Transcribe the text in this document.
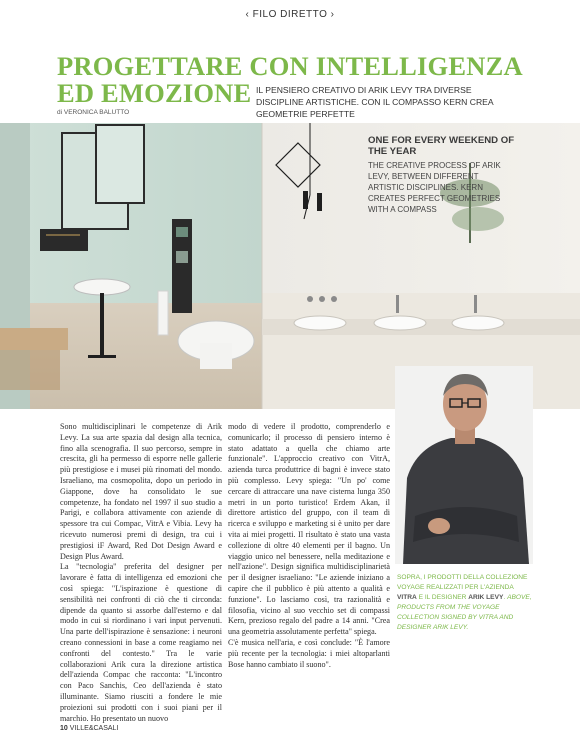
‹ FILO DIRETTO ›
PROGETTARE CON INTELLIGENZA
ED EMOZIONE IL PENSIERO CREATIVO DI ARIK LEVY TRA DIVERSE DISCIPLINE ARTISTICHE. CON IL COMPASSO KERN CREA GEOMETRIE PERFETTE
di VERONICA BALUTTO
ONE FOR EVERY WEEKEND OF THE YEAR
THE CREATIVE PROCESS OF ARIK LEVY, BETWEEN DIFFERENT ARTISTIC DISCIPLINES. KERN CREATES PERFECT GEOMETRIES WITH A COMPASS

Sono multidisciplinari le competenze di Arik Levy. La sua arte spazia dal design alla tecnica, fino alla scenografia. Il suo percorso, sempre in crescita, gli ha permesso di esporre nelle gallerie più prestigiose e i musei più rinomati del mondo. Israeliano, ma cosmopolita, dopo un periodo in Giappone, dove ha consolidato le sue competenze, ha fondato nel 1997 il suo studio a Parigi, e collabora attivamente con aziende di spessore tra cui Compac, VitrA e Vibia. Levy ha ricevuto numerosi premi di design, tra cui i prestigiosi iF Award, Red Dot Design Award e Design Plus Award.

La "tecnologia" preferita del designer per lavorare è fatta di intelligenza ed emozioni che così spiega: "L'ispirazione è questione di sensibilità nei confronti di ciò che ti circonda: dipende da quanto si assorbe dall'esterno e dal modo in cui si riordinano i vari input pervenuti. Una parte dell'ispirazione è sensazione: i neuroni creano connessioni in base a come reagiamo nei confronti del contesto." Tra le varie collaborazioni Arik cura la direzione artistica dell'azienda Compac che racconta: "L'incontro con Paco Sanchis, Ceo dell'azienda è stato illuminante. Siamo riusciti a fondere le mie proiezioni sui prodotti con i suoi piani per il marchio. Ho presentato un nuovo

modo di vedere il prodotto, comprenderlo e comunicarlo; il processo di pensiero interno è stato adattato a quella che chiamo arte funzionale". L'approccio creativo con VitrA, azienda turca produttrice di bagni è invece stato più complesso. Levy spiega: "Un po' come cercare di attraccare una nave cisterna lunga 350 metri in un porto turistico! Erdem Akan, il direttore artistico del gruppo, con il team di ricerca e sviluppo e marketing si è unito per dare vita ai miei progetti. Il risultato è stato una vasta collezione di oltre 40 elementi per il bagno. Un viaggio unico nel benessere, nella meditazione e nell'azione". Design significa multidisciplinarietà per il designer israeliano: "Le aziende iniziano a capire che il pubblico è più attento a qualità e funzione". Lo lasciamo così, tra razionalità e filosofia, vicino al suo vecchio set di compassi Kern, prezioso regalo del padre a 14 anni. "Crea una geometria assolutamente perfetta" spiega.

C'è musica nell'aria, e così conclude: "È l'amore più recente per la tecnologia: i miei altoparlanti Bose hanno cambiato il suono".

SOPRA, I PRODOTTI DELLA COLLEZIONE VOYAGE REALIZZATI PER L'AZIENDA VITRA E IL DESIGNER ARIK LEVY. ABOVE, PRODUCTS FROM THE VOYAGE COLLECTION SIGNED BY VITRA AND DESIGNER ARIK LEVY.
10 VILLE&CASALI
